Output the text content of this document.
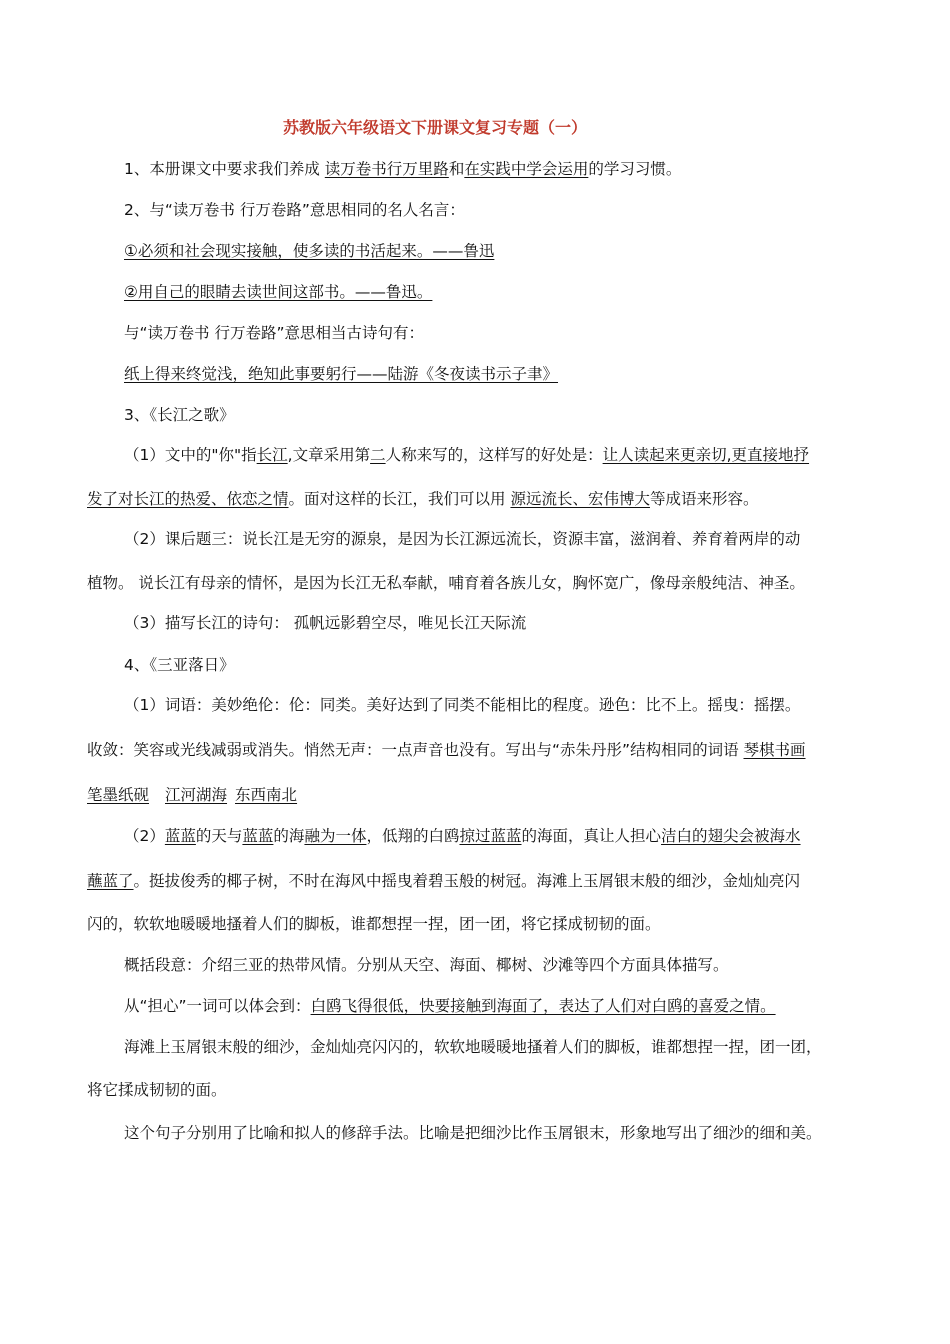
苏教版六年级语文下册课文复习专题（一）
1、本册课文中要求我们养成 读万卷书行万里路和在实践中学会运用的学习习惯。
2、与“读万卷书 行万卷路”意思相同的名人名言：
①必须和社会现实接触，使多读的书活起来。——鲁迅
②用自己的眼睛去读世间这部书。——鲁迅。
与“读万卷书 行万卷路”意思相当古诗句有：
纸上得来终觉浅，绝知此事要躬行——陆游《冬夜读书示子聿》
3、《长江之歌》
（1）文中的"你"指长江,文章采用第二人称来写的，这样写的好处是：让人读起来更亲切,更直接地抒
发了对长江的热爱、依恋之情。面对这样的长江，我们可以用 源远流长、宏伟博大等成语来形容。
（2）课后题三：说长江是无穷的源泉，是因为长江源远流长，资源丰富，滋润着、养育着两岸的动
植物。 说长江有母亲的情怀，是因为长江无私奉献，哺育着各族儿女，胸怀宽广，像母亲般纯洁、神圣。
（3）描写长江的诗句： 孤帆远影碧空尽，唯见长江天际流
4、《三亚落日》
（1）词语：美妙绝伦：伦：同类。美好达到了同类不能相比的程度。逊色：比不上。摇曳：摇摆。
收敛：笑容或光线减弱或消失。悄然无声：一点声音也没有。写出与“赤朱丹彤”结构相同的词语 琴棋书画
笔墨纸砚 江河湖海 东西南北
（2）蓝蓝的天与蓝蓝的海融为一体，低翔的白鸥掠过蓝蓝的海面，真让人担心洁白的翅尖会被海水
蘸蓝了。挺拔俊秀的椰子树，不时在海风中摇曳着碧玉般的树冠。海滩上玉屑银末般的细沙，金灿灿亮闪
闪的，软软地暖暖地搔着人们的脚板，谁都想捏一捏，团一团，将它揉成韧韧的面。
概括段意：介绍三亚的热带风情。分别从天空、海面、椰树、沙滩等四个方面具体描写。
从“担心”一词可以体会到：白鸥飞得很低，快要接触到海面了，表达了人们对白鸥的喜爱之情。
海滩上玉屑银末般的细沙，金灿灿亮闪闪的，软软地暖暖地搔着人们的脚板，谁都想捏一捏，团一团，
将它揉成韧韧的面。
这个句子分别用了比喻和拟人的修辞手法。比喻是把细沙比作玉屑银末，形象地写出了细沙的细和美。
